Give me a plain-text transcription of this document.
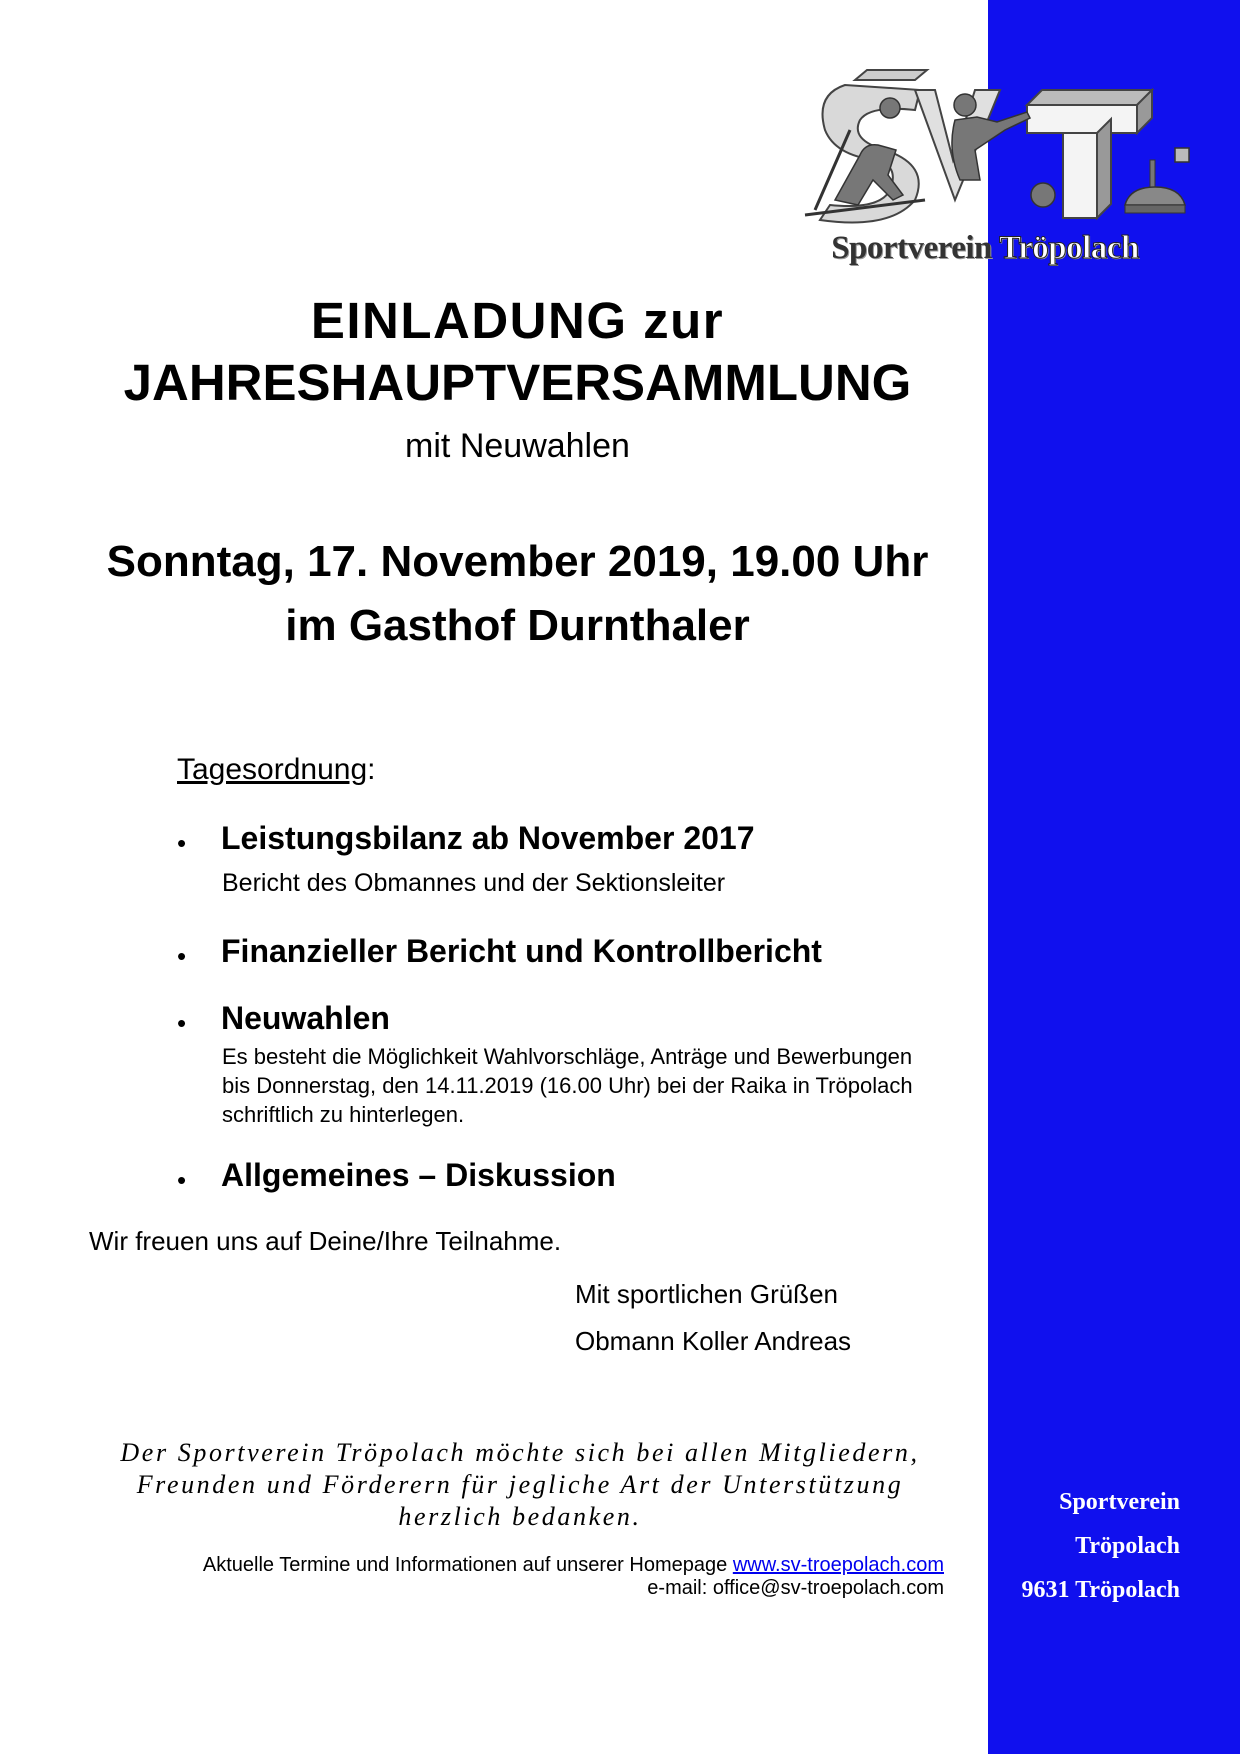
Sportverein
Tröpolach
9631 Tröpolach
Sportverein Tröpolach
EINLADUNG zur
JAHRESHAUPTVERSAMMLUNG
mit Neuwahlen
Sonntag, 17. November 2019, 19.00 Uhr
im Gasthof Durnthaler
Tagesordnung:
• Leistungsbilanz ab November 2017
Bericht des Obmannes und der Sektionsleiter
• Finanzieller Bericht und Kontrollbericht
• Neuwahlen
Es besteht die Möglichkeit Wahlvorschläge, Anträge und Bewerbungen bis Donnerstag, den 14.11.2019 (16.00 Uhr) bei der Raika in Tröpolach schriftlich zu hinterlegen.
• Allgemeines – Diskussion
Wir freuen uns auf Deine/Ihre Teilnahme.
Mit sportlichen Grüßen
Obmann Koller Andreas
Der Sportverein Tröpolach möchte sich bei allen Mitgliedern,
Freunden und Förderern für jegliche Art der Unterstützung
herzlich bedanken.
Aktuelle Termine und Informationen auf unserer Homepage www.sv-troepolach.com
e-mail: office@sv-troepolach.com
